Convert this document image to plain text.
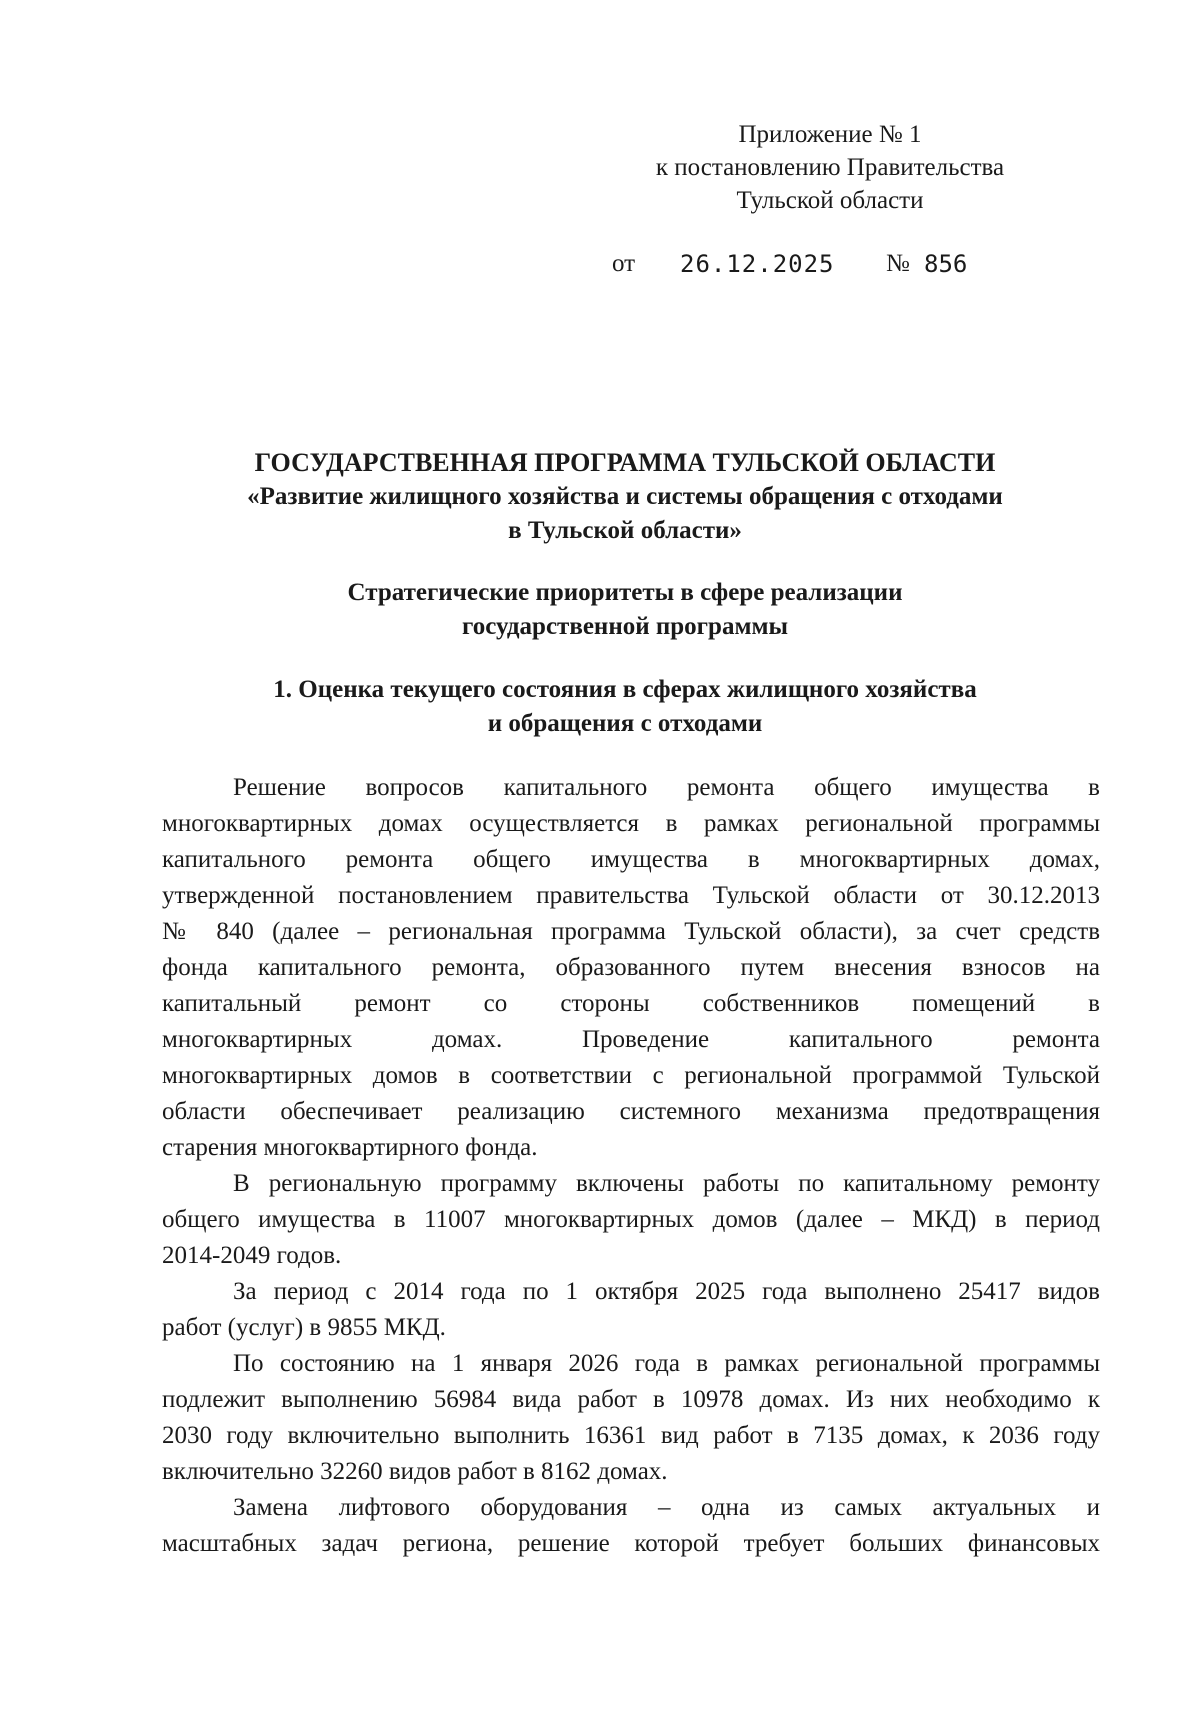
Приложение № 1
к постановлению Правительства
Тульской области
от 26.12.2025 № 856
ГОСУДАРСТВЕННАЯ ПРОГРАММА ТУЛЬСКОЙ ОБЛАСТИ
«Развитие жилищного хозяйства и системы обращения с отходами
в Тульской области»
Стратегические приоритеты в сфере реализации
государственной программы
1. Оценка текущего состояния в сферах жилищного хозяйства
и обращения с отходами
Решение вопросов капитального ремонта общего имущества в
многоквартирных домах осуществляется в рамках региональной программы
капитального ремонта общего имущества в многоквартирных домах,
утвержденной постановлением правительства Тульской области от 30.12.2013
№ 840 (далее – региональная программа Тульской области), за счет средств
фонда капитального ремонта, образованного путем внесения взносов на
капитальный ремонт со стороны собственников помещений в
многоквартирных домах. Проведение капитального ремонта
многоквартирных домов в соответствии с региональной программой Тульской
области обеспечивает реализацию системного механизма предотвращения
старения многоквартирного фонда.
В региональную программу включены работы по капитальному ремонту
общего имущества в 11007 многоквартирных домов (далее – МКД) в период
2014-2049 годов.
За период с 2014 года по 1 октября 2025 года выполнено 25417 видов
работ (услуг) в 9855 МКД.
По состоянию на 1 января 2026 года в рамках региональной программы
подлежит выполнению 56984 вида работ в 10978 домах. Из них необходимо к
2030 году включительно выполнить 16361 вид работ в 7135 домах, к 2036 году
включительно 32260 видов работ в 8162 домах.
Замена лифтового оборудования – одна из самых актуальных и
масштабных задач региона, решение которой требует больших финансовых
